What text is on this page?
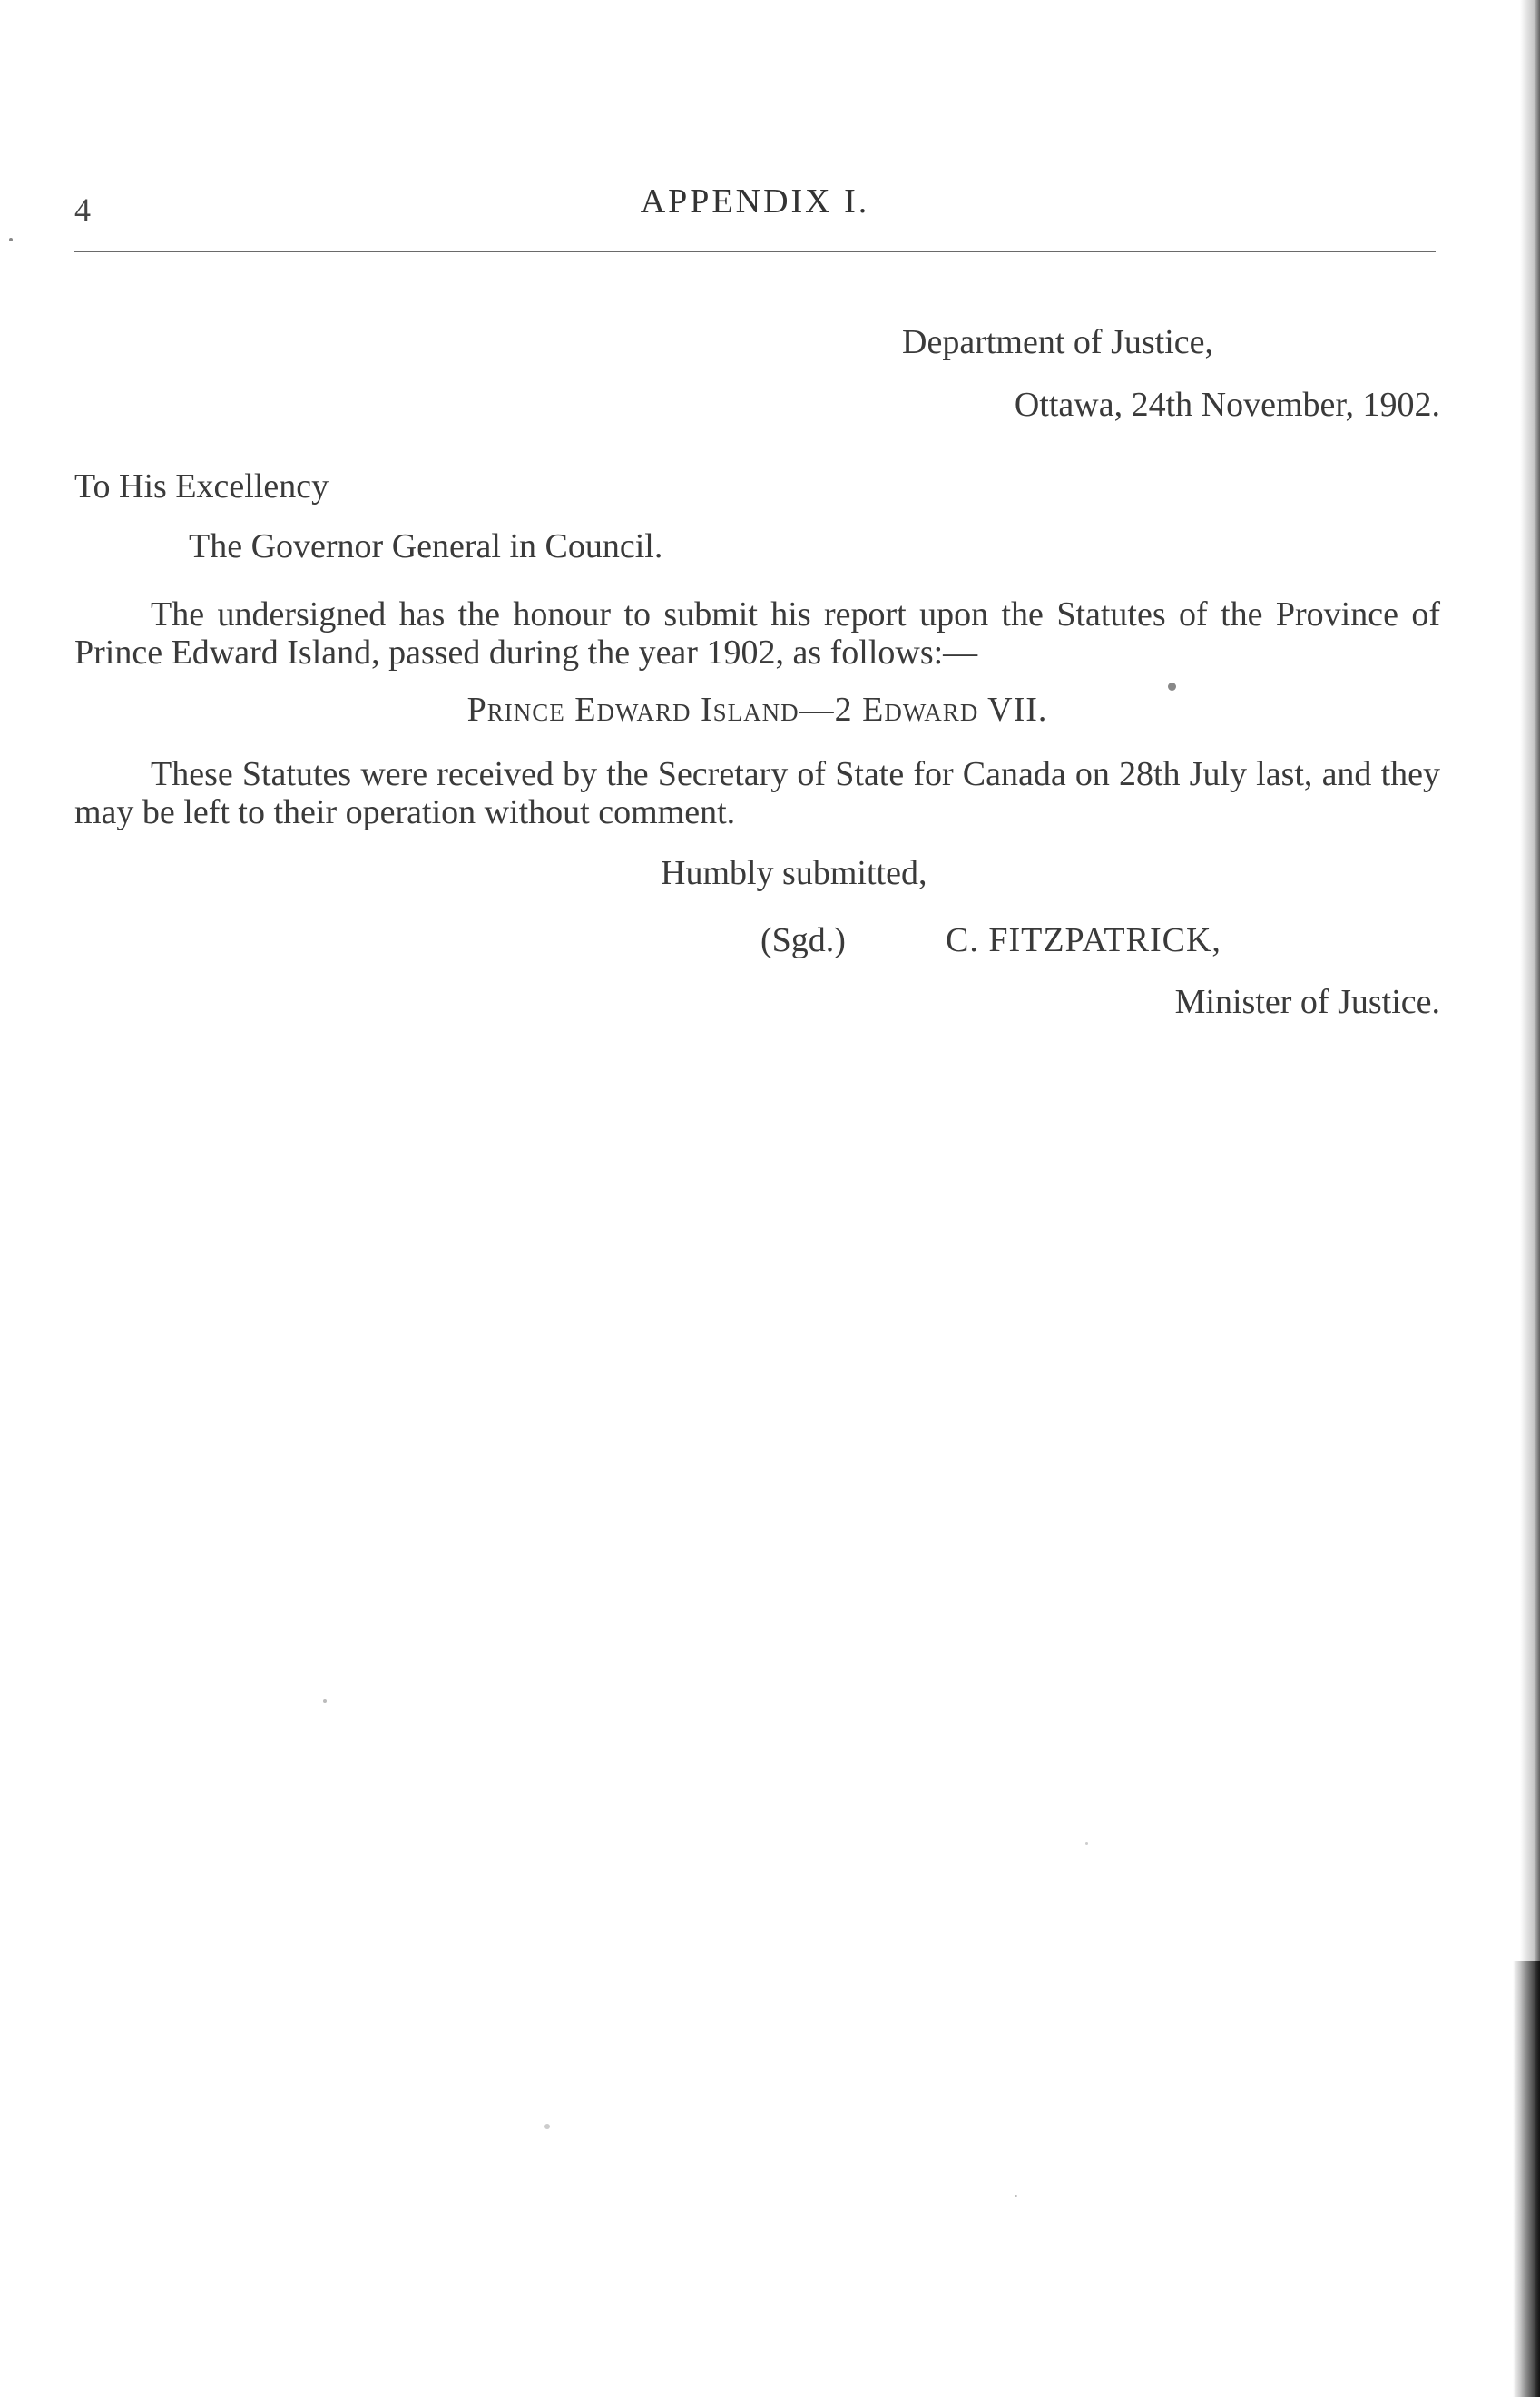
4	APPENDIX I.
Department of Justice,
Ottawa, 24th November, 1902.
To His Excellency
The Governor General in Council.
The undersigned has the honour to submit his report upon the Statutes of the Province of Prince Edward Island, passed during the year 1902, as follows:—
Prince Edward Island—2 Edward VII.
These Statutes were received by the Secretary of State for Canada on 28th July last, and they may be left to their operation without comment.
Humbly submitted,
(Sgd.)	C. FITZPATRICK,
Minister of Justice.
